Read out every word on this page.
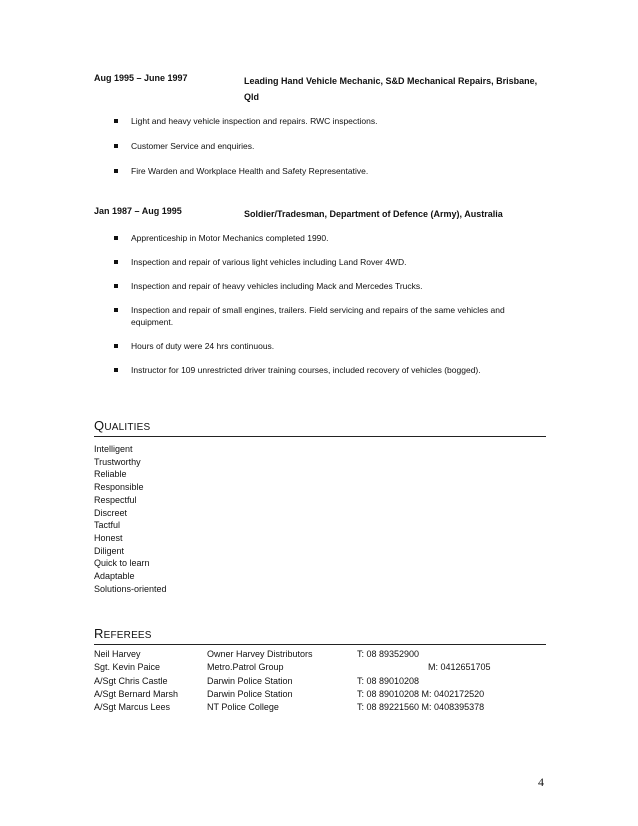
Aug 1995 – June 1997	Leading Hand Vehicle Mechanic, S&D Mechanical Repairs, Brisbane, Qld
Light and heavy vehicle inspection and repairs. RWC inspections.
Customer Service and enquiries.
Fire Warden and Workplace Health and Safety Representative.
Jan 1987 – Aug 1995	Soldier/Tradesman, Department of Defence (Army), Australia
Apprenticeship in Motor Mechanics completed 1990.
Inspection and repair of various light vehicles including Land Rover 4WD.
Inspection and repair of heavy vehicles including Mack and Mercedes Trucks.
Inspection and repair of small engines, trailers. Field servicing and repairs of the same vehicles and equipment.
Hours of duty were 24 hrs continuous.
Instructor for 109 unrestricted driver training courses, included recovery of vehicles (bogged).
QUALITIES
Intelligent
Trustworthy
Reliable
Responsible
Respectful
Discreet
Tactful
Honest
Diligent
Quick to learn
Adaptable
Solutions-oriented
REFEREES
Neil Harvey	Owner Harvey Distributors	T: 08 89352900
Sgt. Kevin Paice	Metro.Patrol Group	M: 0412651705
A/Sgt Chris Castle	Darwin Police Station	T: 08 89010208
A/Sgt Bernard Marsh	Darwin Police Station	T: 08 89010208 M: 0402172520
A/Sgt Marcus Lees	NT Police College	T: 08 89221560 M: 0408395378
4
